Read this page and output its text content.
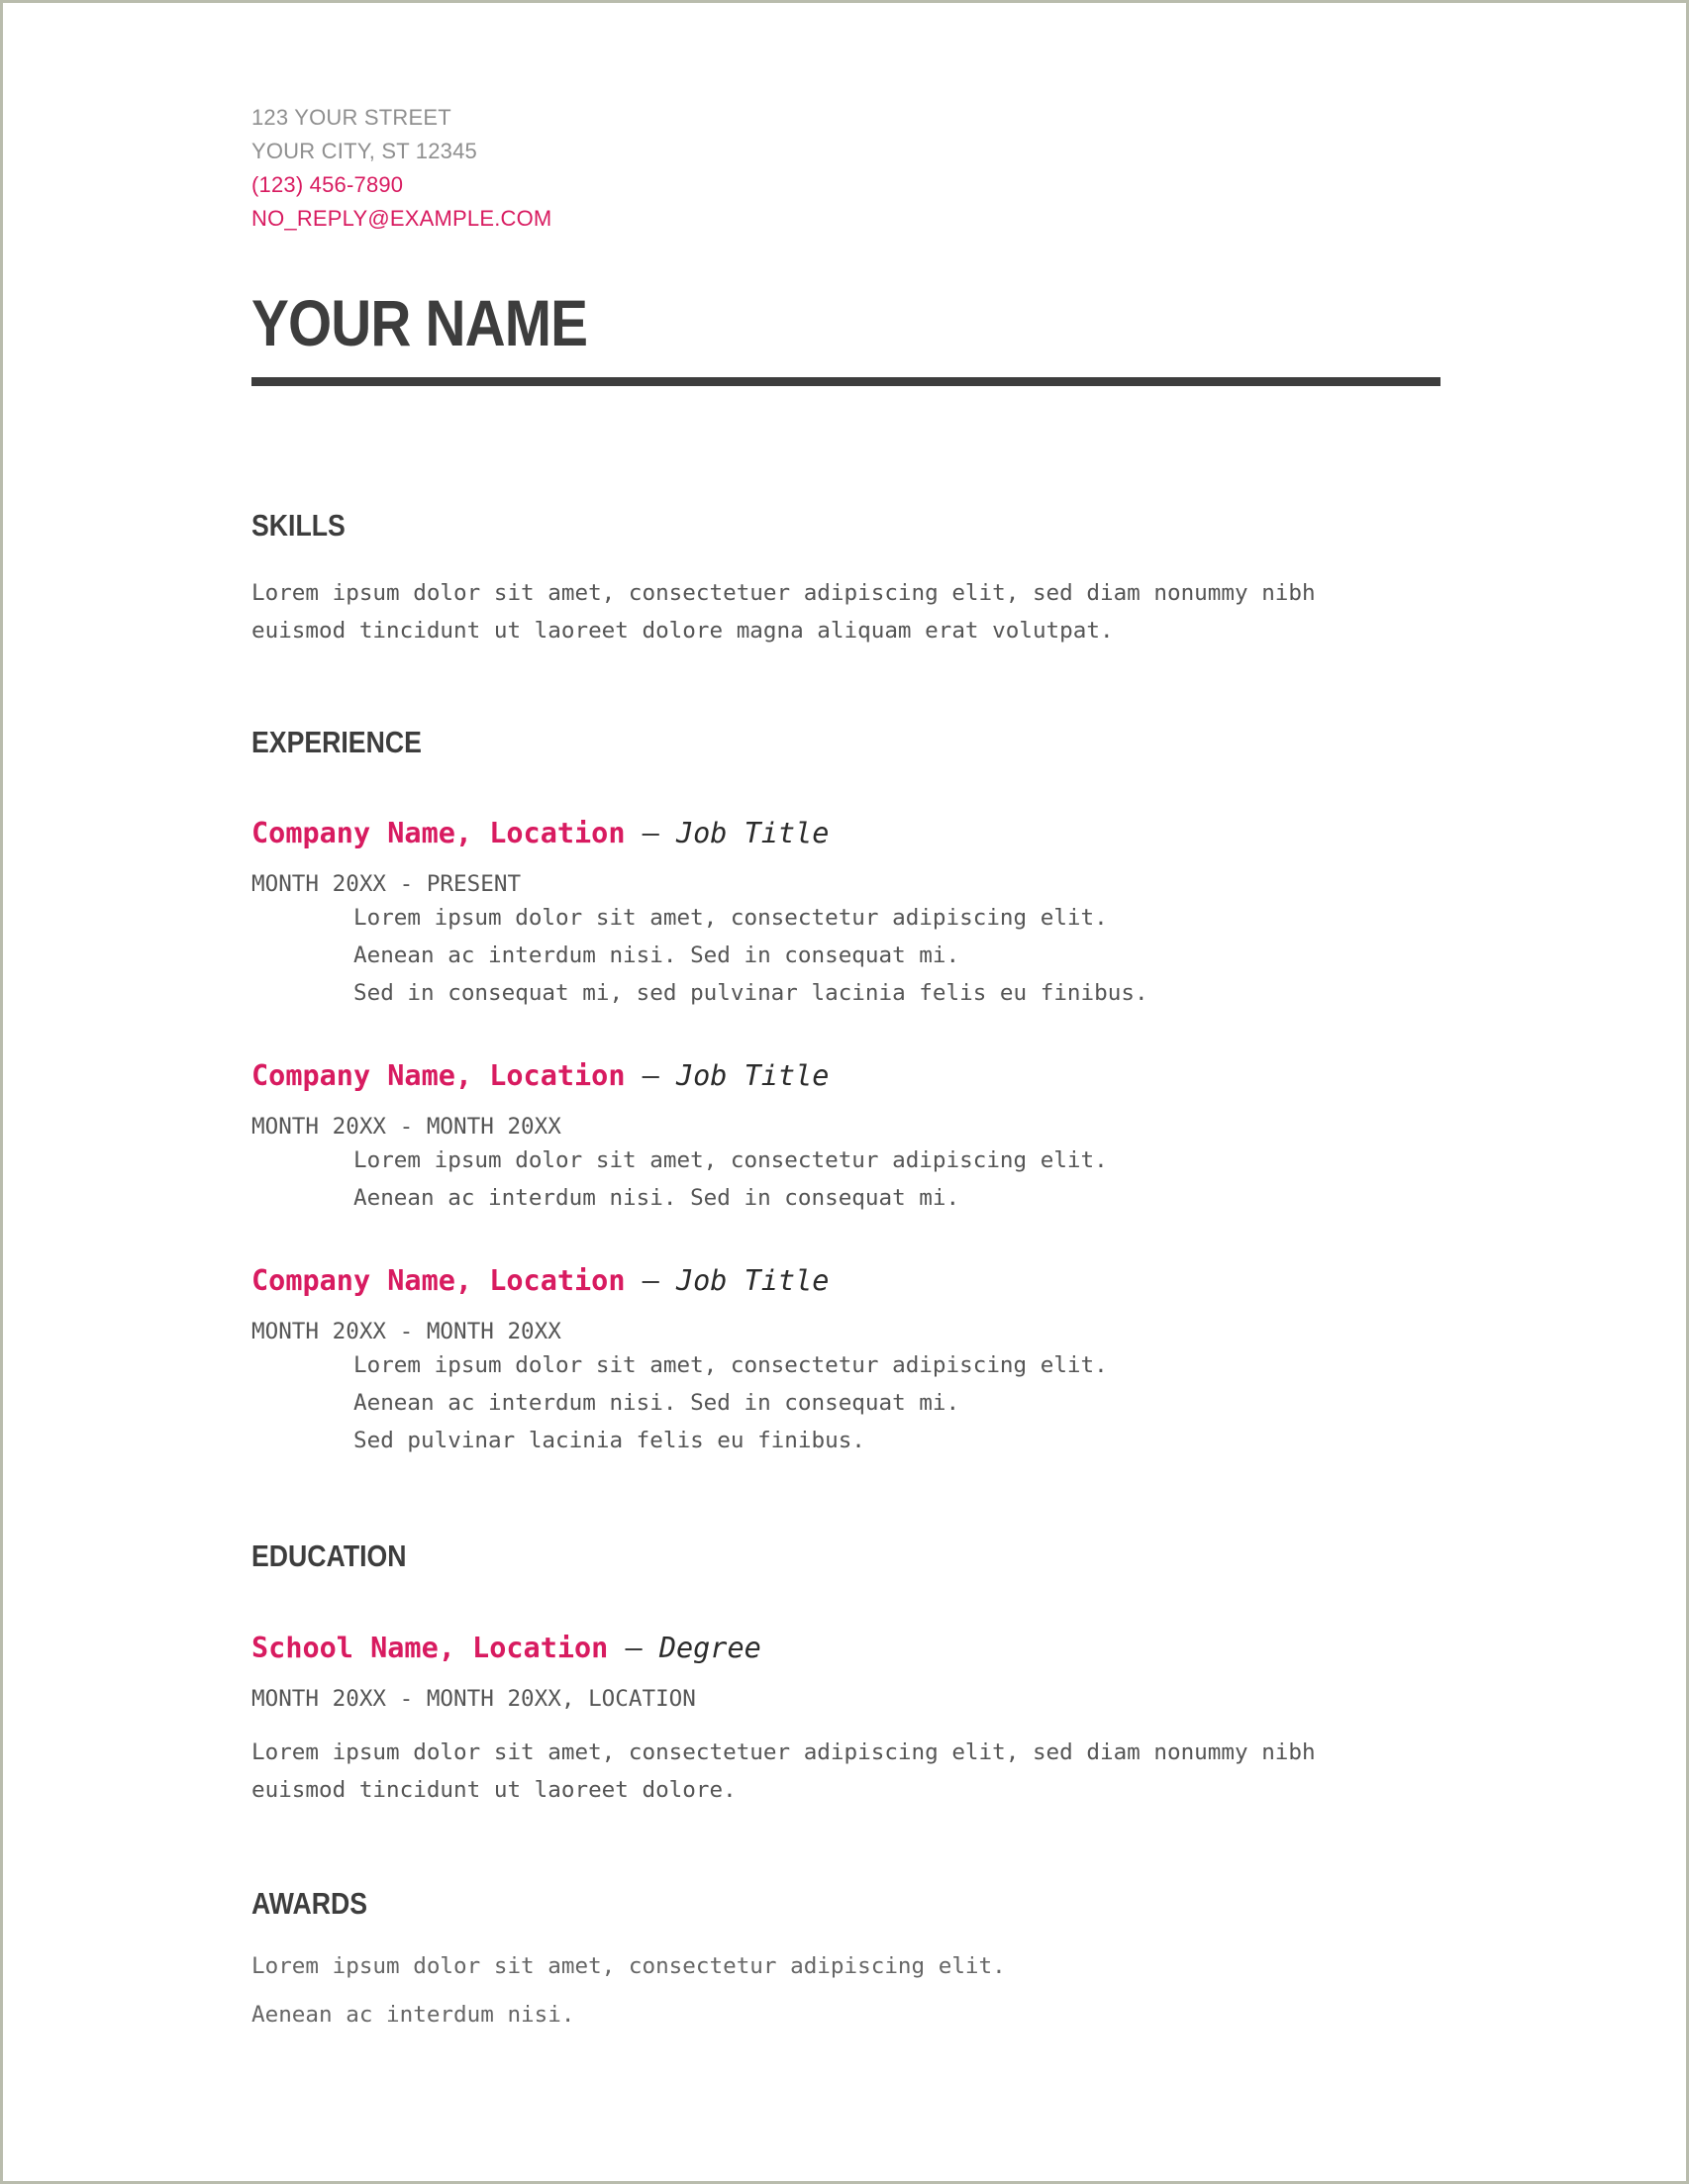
123 YOUR STREET
YOUR CITY, ST 12345
(123) 456-7890
NO_REPLY@EXAMPLE.COM
YOUR NAME
SKILLS
Lorem ipsum dolor sit amet, consectetuer adipiscing elit, sed diam nonummy nibh
euismod tincidunt ut laoreet dolore magna aliquam erat volutpat.
EXPERIENCE
Company Name, Location — Job Title
MONTH 20XX - PRESENT
Lorem ipsum dolor sit amet, consectetur adipiscing elit.
Aenean ac interdum nisi. Sed in consequat mi.
Sed in consequat mi, sed pulvinar lacinia felis eu finibus.
Company Name, Location — Job Title
MONTH 20XX - MONTH 20XX
Lorem ipsum dolor sit amet, consectetur adipiscing elit.
Aenean ac interdum nisi. Sed in consequat mi.
Company Name, Location — Job Title
MONTH 20XX - MONTH 20XX
Lorem ipsum dolor sit amet, consectetur adipiscing elit.
Aenean ac interdum nisi. Sed in consequat mi.
Sed pulvinar lacinia felis eu finibus.
EDUCATION
School Name, Location — Degree
MONTH 20XX - MONTH 20XX, LOCATION
Lorem ipsum dolor sit amet, consectetuer adipiscing elit, sed diam nonummy nibh
euismod tincidunt ut laoreet dolore.
AWARDS
Lorem ipsum dolor sit amet, consectetur adipiscing elit.
Aenean ac interdum nisi.
